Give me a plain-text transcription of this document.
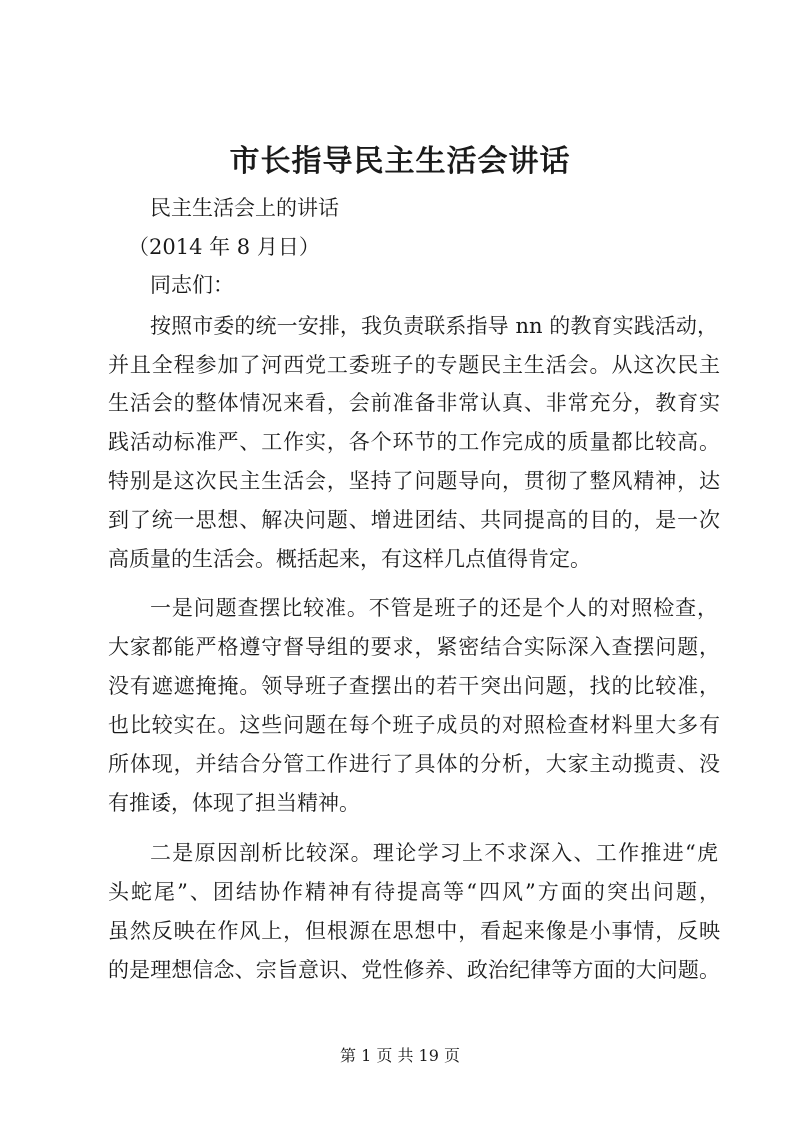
市长指导民主生活会讲话
民主生活会上的讲话
（2014 年 8 月日）
同志们：
按照市委的统一安排，我负责联系指导 nn 的教育实践活动，
并且全程参加了河西党工委班子的专题民主生活会。从这次民主
生活会的整体情况来看，会前准备非常认真、非常充分，教育实
践活动标准严、工作实，各个环节的工作完成的质量都比较高。
特别是这次民主生活会，坚持了问题导向，贯彻了整风精神，达
到了统一思想、解决问题、增进团结、共同提高的目的，是一次
高质量的生活会。概括起来，有这样几点值得肯定。
一是问题查摆比较准。不管是班子的还是个人的对照检查，
大家都能严格遵守督导组的要求，紧密结合实际深入查摆问题，
没有遮遮掩掩。领导班子查摆出的若干突出问题，找的比较准，
也比较实在。这些问题在每个班子成员的对照检查材料里大多有
所体现，并结合分管工作进行了具体的分析，大家主动揽责、没
有推诿，体现了担当精神。
二是原因剖析比较深。理论学习上不求深入、工作推进“虎
头蛇尾”、团结协作精神有待提高等“四风”方面的突出问题，
虽然反映在作风上，但根源在思想中，看起来像是小事情，反映
的是理想信念、宗旨意识、党性修养、政治纪律等方面的大问题。
第 1 页 共 19 页
